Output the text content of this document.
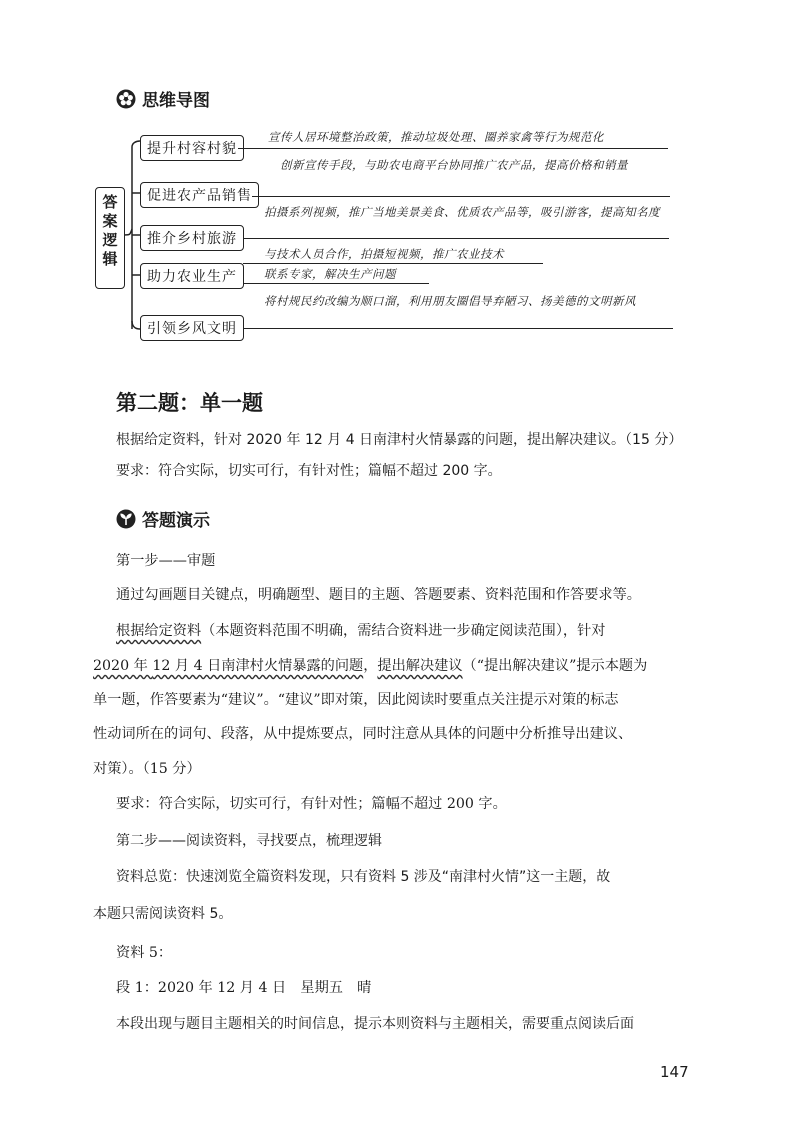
思维导图
答案逻辑
提升村容村貌
促进农产品销售
推介乡村旅游
助力农业生产
引领乡风文明
宣传人居环境整治政策，推动垃圾处理、圈养家禽等行为规范化
创新宣传手段，与助农电商平台协同推广农产品，提高价格和销量
拍摄系列视频，推广当地美景美食、优质农产品等，吸引游客，提高知名度
与技术人员合作，拍摄短视频，推广农业技术
联系专家，解决生产问题
将村规民约改编为顺口溜，利用朋友圈倡导弃陋习、扬美德的文明新风
第二题：单一题
根据给定资料，针对 2020 年 12 月 4 日南津村火情暴露的问题，提出解决建议。（15 分）
要求：符合实际，切实可行，有针对性；篇幅不超过 200 字。
答题演示
第一步——审题
通过勾画题目关键点，明确题型、题目的主题、答题要素、资料范围和作答要求等。
根据给定资料（本题资料范围不明确，需结合资料进一步确定阅读范围），针对
2020 年 12 月 4 日南津村火情暴露的问题，提出解决建议（“提出解决建议”提示本题为
单一题，作答要素为“建议”。“建议”即对策，因此阅读时要重点关注提示对策的标志
性动词所在的词句、段落，从中提炼要点，同时注意从具体的问题中分析推导出建议、
对策）。（15 分）
要求：符合实际，切实可行，有针对性；篇幅不超过 200 字。
第二步——阅读资料，寻找要点，梳理逻辑
资料总览：快速浏览全篇资料发现，只有资料 5 涉及“南津村火情”这一主题，故
本题只需阅读资料 5。
资料 5：
段 1：2020 年 12 月 4 日　星期五　晴
本段出现与题目主题相关的时间信息，提示本则资料与主题相关，需要重点阅读后面
147
